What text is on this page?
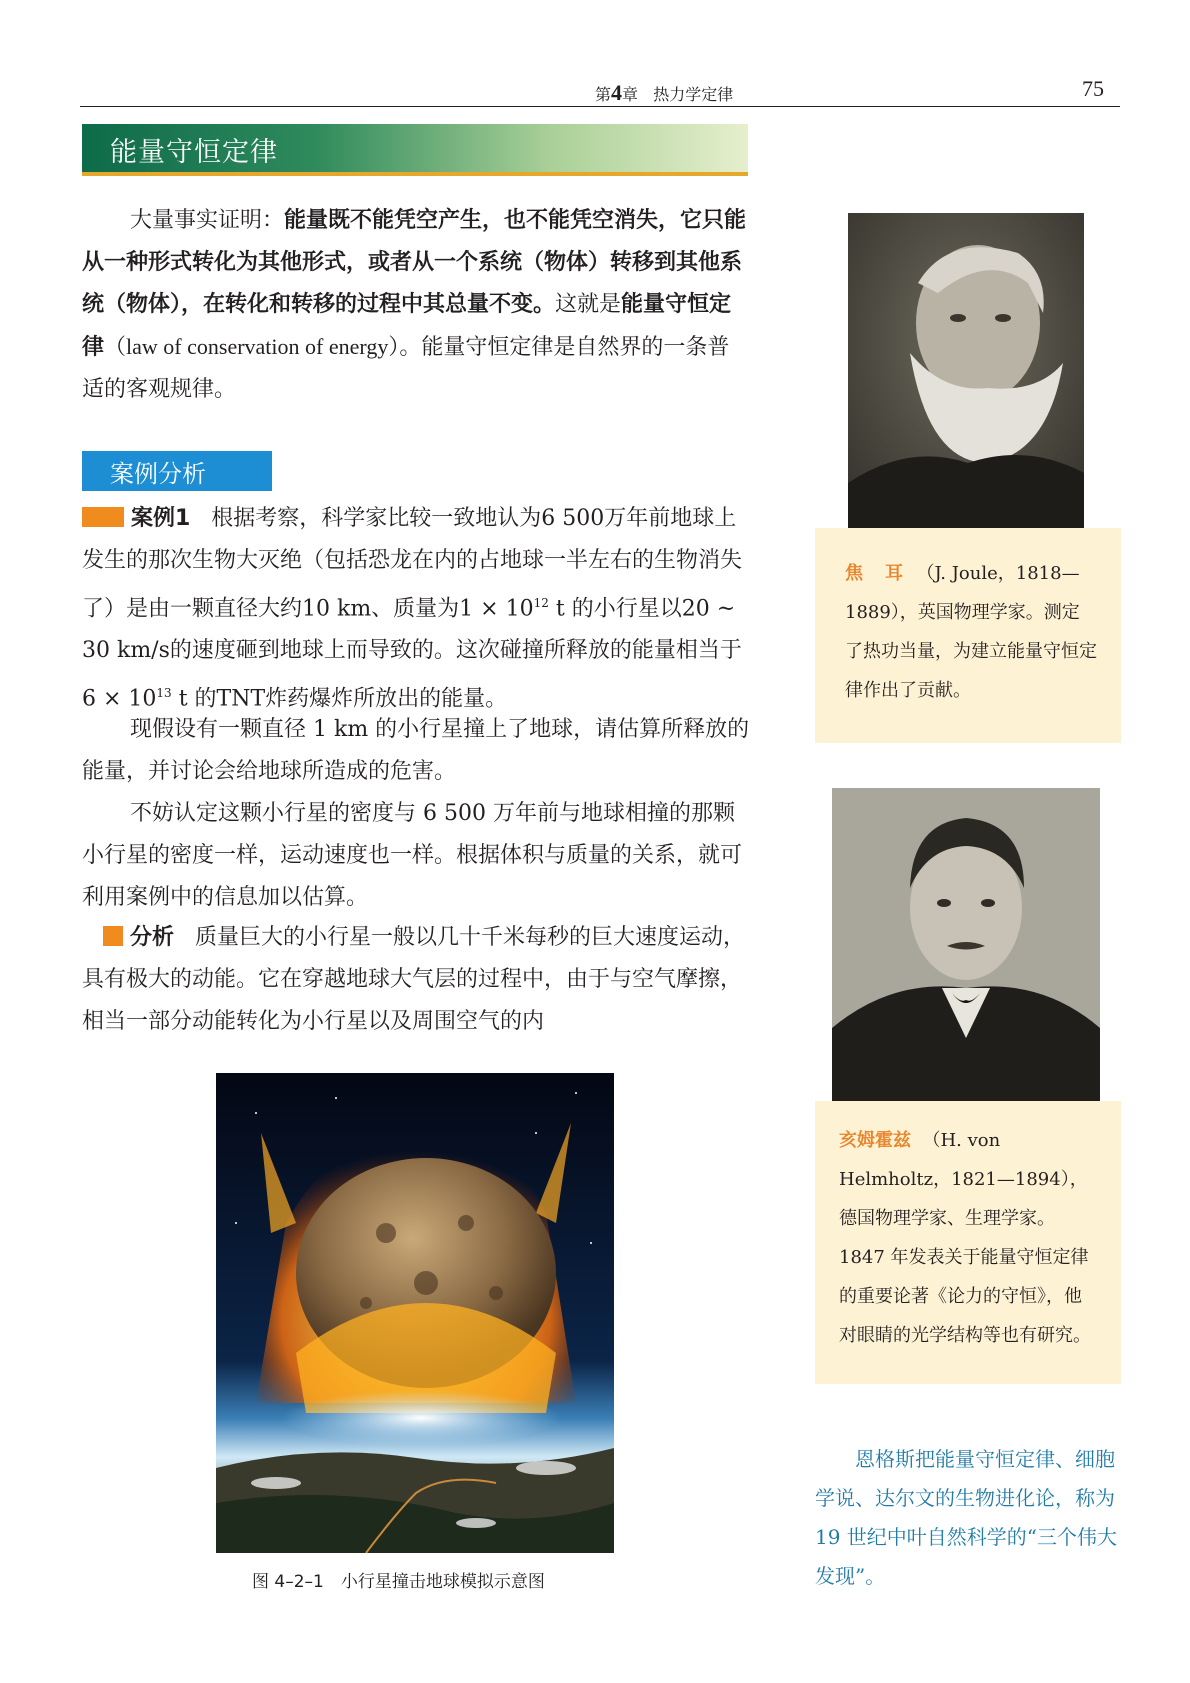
第4章 热力学定律	75
能量守恒定律
大量事实证明：能量既不能凭空产生，也不能凭空消失，它只能从一种形式转化为其他形式，或者从一个系统（物体）转移到其他系统（物体），在转化和转移的过程中其总量不变。这就是能量守恒定律（law of conservation of energy）。能量守恒定律是自然界的一条普适的客观规律。
案例分析
案例1 根据考察，科学家比较一致地认为6 500万年前地球上发生的那次生物大灭绝（包括恐龙在内的占地球一半左右的生物消失了）是由一颗直径大约10 km、质量为$1 \times 10^{12}$ t 的小行星以20 ~ 30 km/s的速度砸到地球上而导致的。这次碰撞所释放的能量相当于$6 \times 10^{13}$ t 的TNT炸药爆炸所放出的能量。
现假设有一颗直径 1 km 的小行星撞上了地球，请估算所释放的能量，并讨论会给地球所造成的危害。
不妨认定这颗小行星的密度与 6 500 万年前与地球相撞的那颗小行星的密度一样，运动速度也一样。根据体积与质量的关系，就可利用案例中的信息加以估算。
分析 质量巨大的小行星一般以几十千米每秒的巨大速度运动，具有极大的动能。它在穿越地球大气层的过程中，由于与空气摩擦，相当一部分动能转化为小行星以及周围空气的内
图 4–2–1　小行星撞击地球模拟示意图
焦　耳 （J. Joule，1818—1889），英国物理学家。测定了热功当量，为建立能量守恒定律作出了贡献。
亥姆霍兹 （H. von Helmholtz，1821—1894），德国物理学家、生理学家。1847 年发表关于能量守恒定律的重要论著《论力的守恒》，他对眼睛的光学结构等也有研究。
恩格斯把能量守恒定律、细胞学说、达尔文的生物进化论，称为 19 世纪中叶自然科学的“三个伟大发现”。
